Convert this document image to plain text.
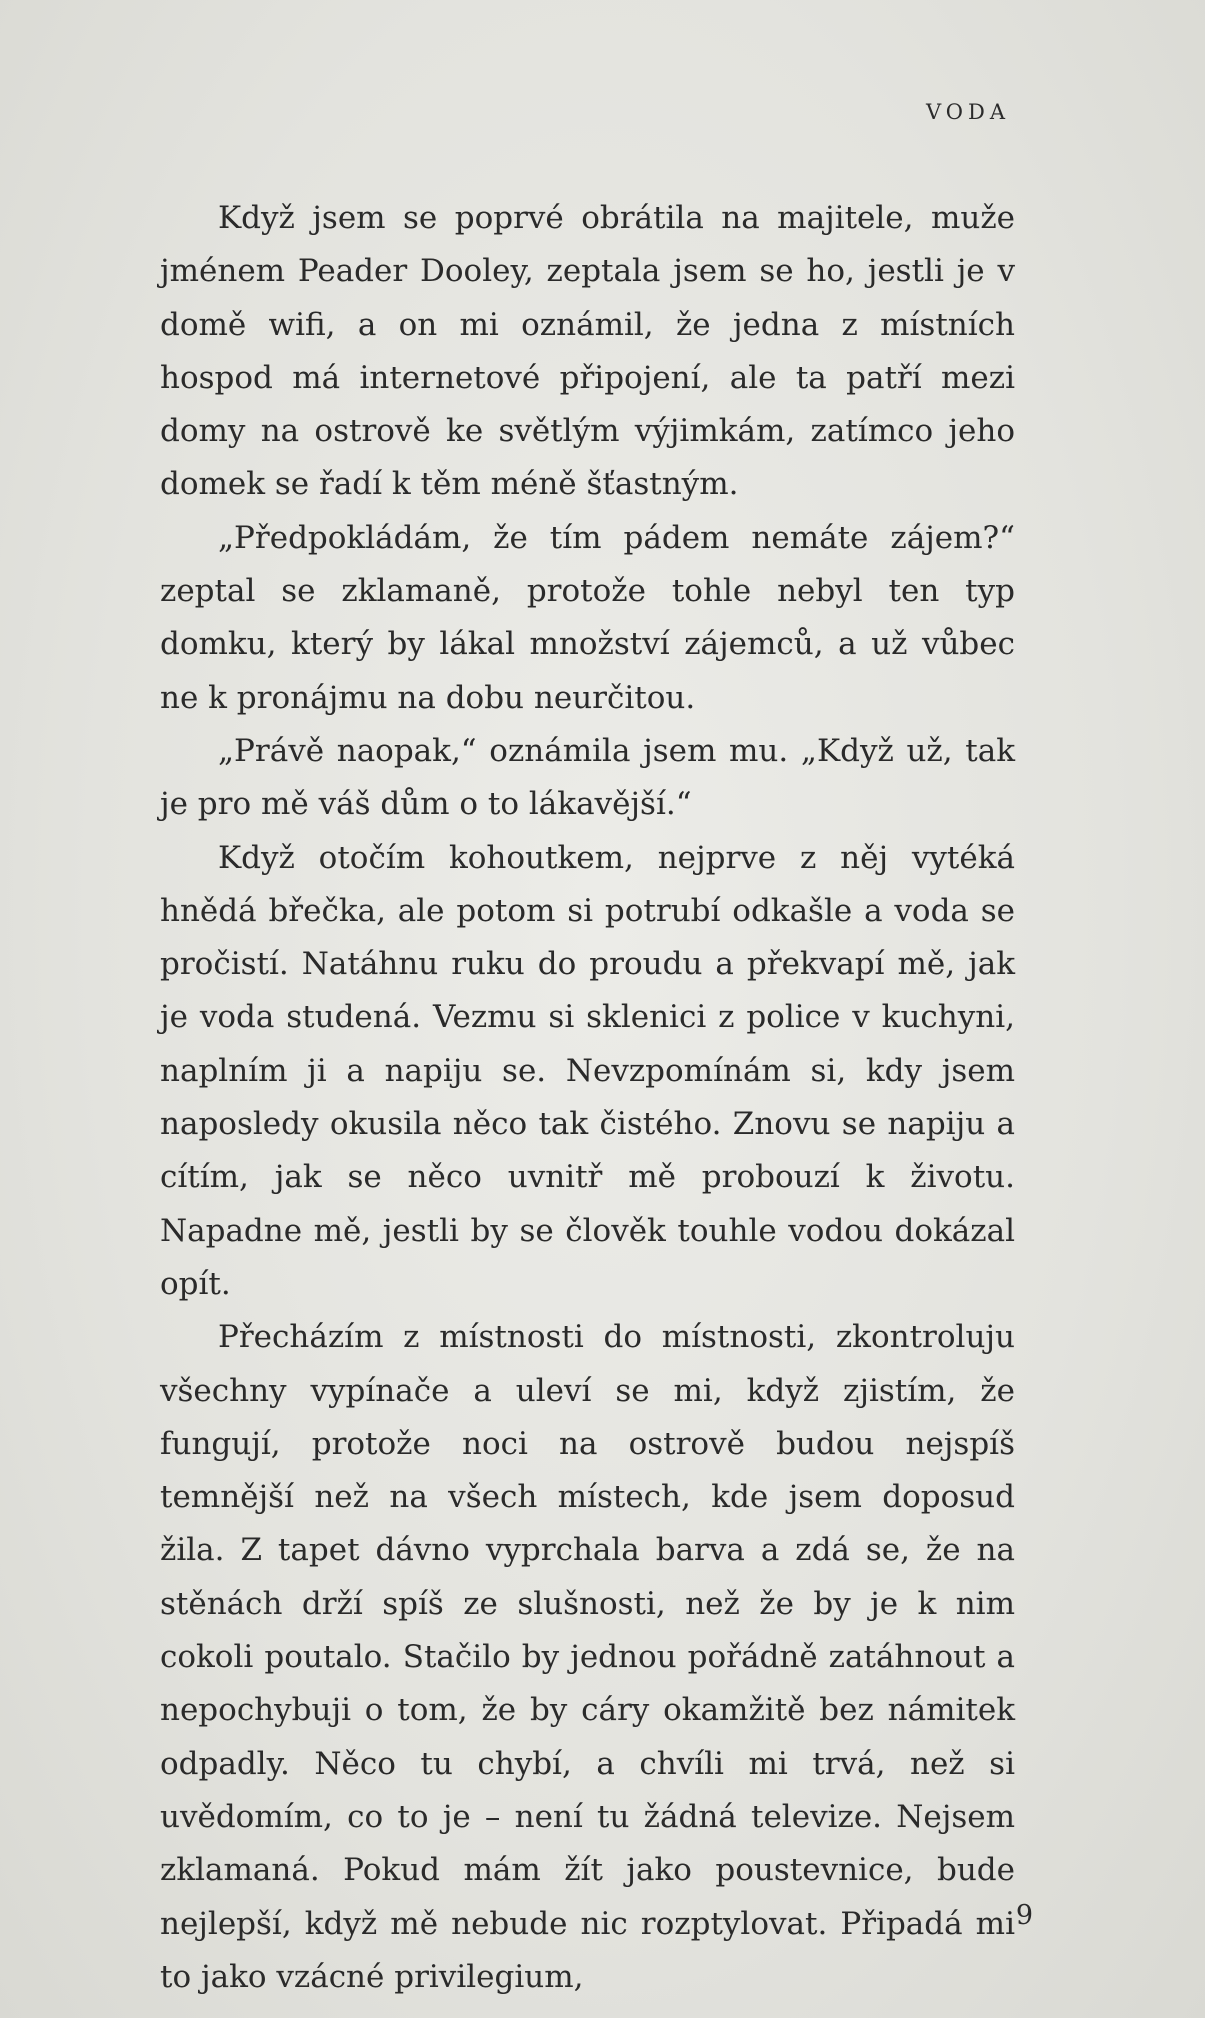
VODA

Když jsem se poprvé obrátila na majitele, muže jménem Peader Dooley, zeptala jsem se ho, jestli je v domě wifi, a on mi oznámil, že jedna z místních hospod má internetové připojení, ale ta patří mezi domy na ostrově ke světlým výjimkám, zatímco jeho domek se řadí k těm méně šťastným.

„Předpokládám, že tím pádem nemáte zájem?“ zeptal se zklamaně, protože tohle nebyl ten typ domku, který by lákal množství zájemců, a už vůbec ne k pronájmu na dobu neurčitou.

„Právě naopak,“ oznámila jsem mu. „Když už, tak je pro mě váš dům o to lákavější.“

Když otočím kohoutkem, nejprve z něj vytéká hnědá břečka, ale potom si potrubí odkašle a voda se pročistí. Natáhnu ruku do proudu a překvapí mě, jak je voda studená. Vezmu si sklenici z police v kuchyni, naplním ji a napiju se. Nevzpomínám si, kdy jsem naposledy okusila něco tak čistého. Znovu se napiju a cítím, jak se něco uvnitř mě probouzí k životu. Napadne mě, jestli by se člověk touhle vodou dokázal opít.

Přecházím z místnosti do místnosti, zkontroluju všechny vypínače a uleví se mi, když zjistím, že fungují, protože noci na ostrově budou nejspíš temnější než na všech místech, kde jsem doposud žila. Z tapet dávno vyprchala barva a zdá se, že na stěnách drží spíš ze slušnosti, než že by je k nim cokoli poutalo. Stačilo by jednou pořádně zatáhnout a nepochybuji o tom, že by cáry okamžitě bez námitek odpadly. Něco tu chybí, a chvíli mi trvá, než si uvědomím, co to je – není tu žádná televize. Nejsem zklamaná. Pokud mám žít jako poustevnice, bude nejlepší, když mě nebude nic rozptylovat. Připadá mi to jako vzácné privilegium,

9
